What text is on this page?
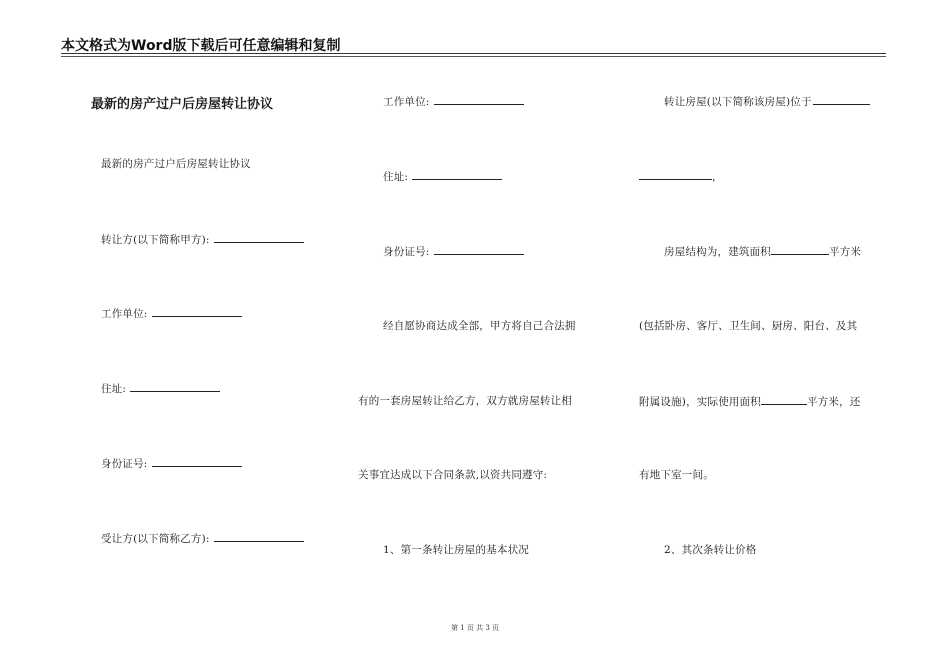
本文格式为Word版下载后可任意编辑和复制
最新的房产过户后房屋转让协议
最新的房产过户后房屋转让协议
转让方(以下简称甲方):
工作单位:
住址:
身份证号:
受让方(以下简称乙方):
工作单位:
住址:
身份证号:
经自愿协商达成全部，甲方将自己合法拥
有的一套房屋转让给乙方，双方就房屋转让相
关事宜达成以下合同条款,以资共同遵守:
1、第一条转让房屋的基本状况
转让房屋(以下简称该房屋)位于
，
房屋结构为，建筑面积	平方米
(包括卧房、客厅、卫生间、厨房、阳台、及其
附属设施)，实际使用面积	平方米，还
有地下室一间。
2、其次条转让价格
第 1 页 共 3 页
